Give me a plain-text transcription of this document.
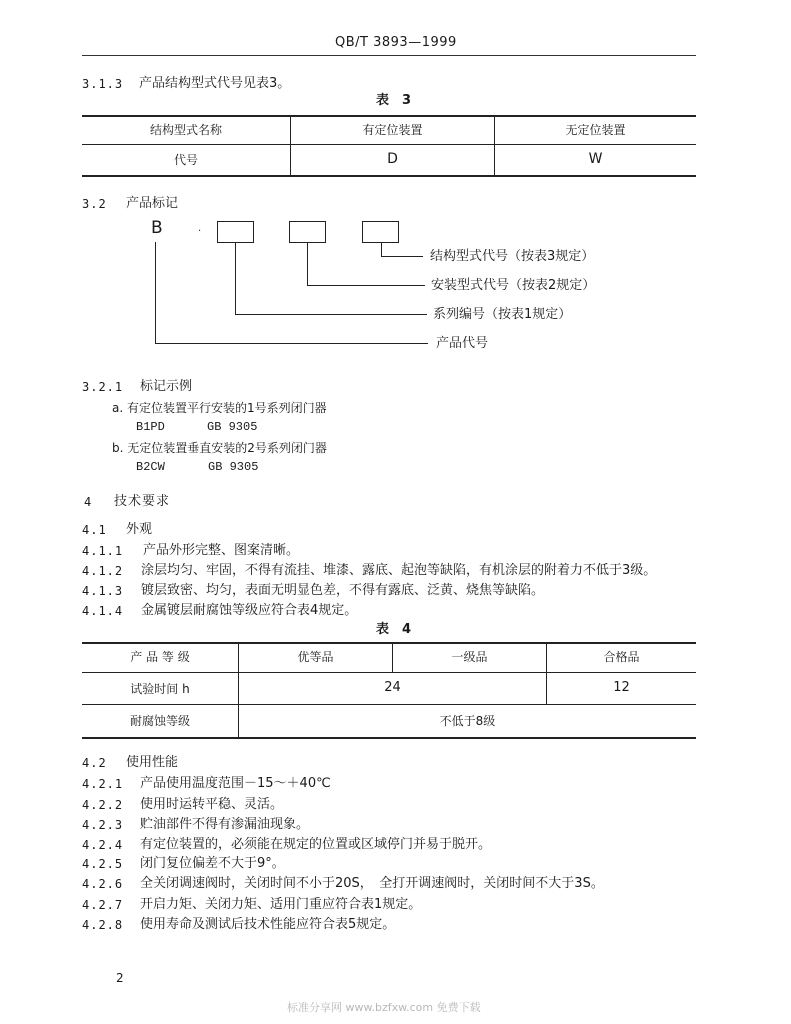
QB/T 3893—1999
3.1.3 产品结构型式代号见表3。
表　3
结构型式名称	有定位装置	无定位装置
代号	D	W
3.2 产品标记
B	·
结构型式代号（按表3规定）
安装型式代号（按表2规定）
系列编号（按表1规定）
产品代号
3.2.1 标记示例
a. 有定位装置平行安装的1号系列闭门器
B1PD	GB 9305
b. 无定位装置垂直安装的2号系列闭门器
B2CW	GB 9305
4 技术要求
4.1 外观
4.1.1 产品外形完整、图案清晰。
4.1.2 涂层均匀、牢固，不得有流挂、堆漆、露底、起泡等缺陷，有机涂层的附着力不低于3级。
4.1.3 镀层致密、均匀，表面无明显色差，不得有露底、泛黄、烧焦等缺陷。
4.1.4 金属镀层耐腐蚀等级应符合表4规定。
表　4
产 品 等 级	优等品	一级品	合格品
试验时间 h	24	12
耐腐蚀等级	不低于8级
4.2 使用性能
4.2.1 产品使用温度范围－15～＋40℃
4.2.2 使用时运转平稳、灵活。
4.2.3 贮油部件不得有渗漏油现象。
4.2.4 有定位装置的，必须能在规定的位置或区域停门并易于脱开。
4.2.5 闭门复位偏差不大于9°。
4.2.6 全关闭调速阀时，关闭时间不小于20S，　全打开调速阀时，关闭时间不大于3S。
4.2.7 开启力矩、关闭力矩、适用门重应符合表1规定。
4.2.8 使用寿命及测试后技术性能应符合表5规定。
2
标准分享网 www.bzfxw.com 免费下载
